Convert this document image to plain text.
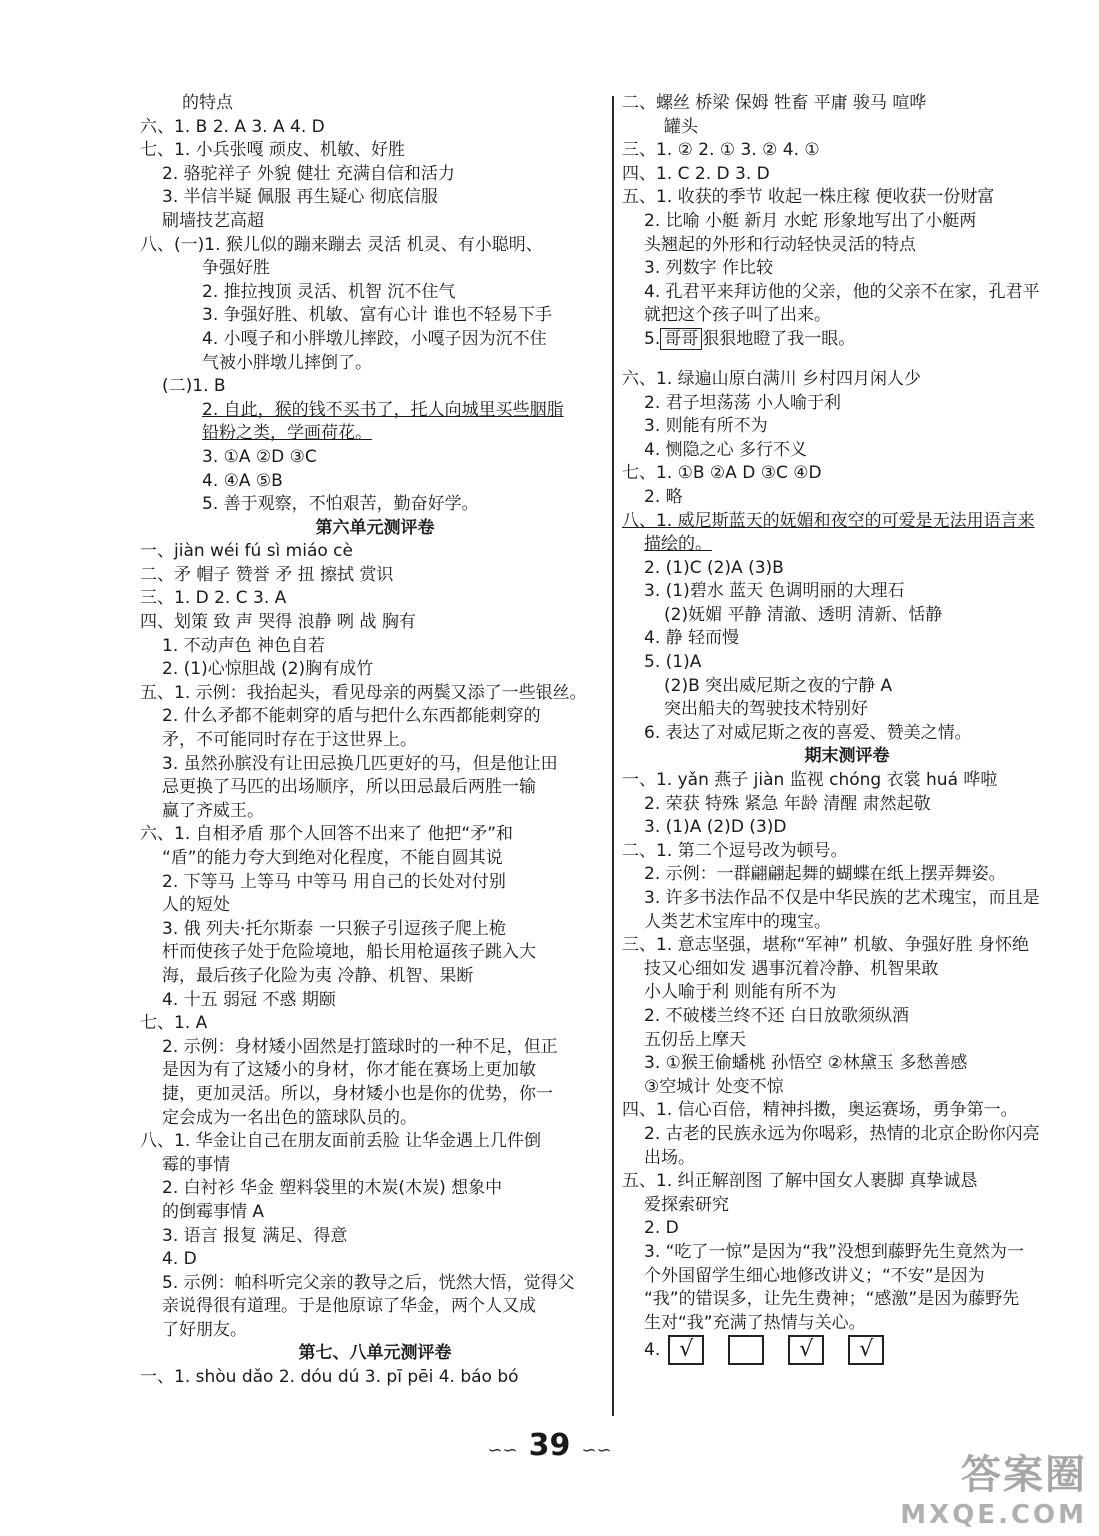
的特点
六、1. B 2. A 3. A 4. D
七、1. 小兵张嘎 顽皮、机敏、好胜
2. 骆驼祥子 外貌 健壮 充满自信和活力
3. 半信半疑 佩服 再生疑心 彻底信服
刷墙技艺高超
八、(一)1. 猴儿似的蹦来蹦去 灵活 机灵、有小聪明、
争强好胜
2. 推拉拽顶 灵活、机智 沉不住气
3. 争强好胜、机敏、富有心计 谁也不轻易下手
4. 小嘎子和小胖墩儿摔跤，小嘎子因为沉不住
气被小胖墩儿摔倒了。
(二)1. B
2. 自此，猴的钱不买书了，托人向城里买些胭脂
铅粉之类，学画荷花。
3. ①A ②D ③C
4. ④A ⑤B
5. 善于观察，不怕艰苦，勤奋好学。
第六单元测评卷
一、jiàn wéi fú sì miáo cè
二、矛 帽子 赞誉 矛 扭 擦拭 赏识
三、1. D 2. C 3. A
四、划策 致 声 哭得 浪静 咧 战 胸有
1. 不动声色 神色自若
2. (1)心惊胆战 (2)胸有成竹
五、1. 示例：我抬起头，看见母亲的两鬓又添了一些银丝。
2. 什么矛都不能刺穿的盾与把什么东西都能刺穿的
矛，不可能同时存在于这世界上。
3. 虽然孙膑没有让田忌换几匹更好的马，但是他让田
忌更换了马匹的出场顺序，所以田忌最后两胜一输
赢了齐威王。
六、1. 自相矛盾 那个人回答不出来了 他把“矛”和
“盾”的能力夸大到绝对化程度，不能自圆其说
2. 下等马 上等马 中等马 用自己的长处对付别
人的短处
3. 俄 列夫·托尔斯泰 一只猴子引逗孩子爬上桅
杆而使孩子处于危险境地，船长用枪逼孩子跳入大
海，最后孩子化险为夷 冷静、机智、果断
4. 十五 弱冠 不惑 期颐
七、1. A
2. 示例：身材矮小固然是打篮球时的一种不足，但正
是因为有了这矮小的身材，你才能在赛场上更加敏
捷，更加灵活。所以，身材矮小也是你的优势，你一
定会成为一名出色的篮球队员的。
八、1. 华金让自己在朋友面前丢脸 让华金遇上几件倒
霉的事情
2. 白衬衫 华金 塑料袋里的木炭(木炭) 想象中
的倒霉事情 A
3. 语言 报复 满足、得意
4. D
5. 示例：帕科听完父亲的教导之后，恍然大悟，觉得父
亲说得很有道理。于是他原谅了华金，两个人又成
了好朋友。
第七、八单元测评卷
一、1. shòu dǎo 2. dóu dú 3. pī pēi 4. báo bó
二、螺丝 桥梁 保姆 牲畜 平庸 骏马 喧哗
罐头
三、1. ② 2. ① 3. ② 4. ①
四、1. C 2. D 3. D
五、1. 收获的季节 收起一株庄稼 便收获一份财富
2. 比喻 小艇 新月 水蛇 形象地写出了小艇两
头翘起的外形和行动轻快灵活的特点
3. 列数字 作比较
4. 孔君平来拜访他的父亲，他的父亲不在家，孔君平
就把这个孩子叫了出来。
5. 哥哥 狠狠地瞪了我一眼。
六、1. 绿遍山原白满川 乡村四月闲人少
2. 君子坦荡荡 小人喻于利
3. 则能有所不为
4. 恻隐之心 多行不义
七、1. ①B ②A D ③C ④D
2. 略
八、1. 威尼斯蓝天的妩媚和夜空的可爱是无法用语言来
描绘的。
2. (1)C (2)A (3)B
3. (1)碧水 蓝天 色调明丽的大理石
(2)妩媚 平静 清澈、透明 清新、恬静
4. 静 轻而慢
5. (1)A
(2)B 突出威尼斯之夜的宁静 A
突出船夫的驾驶技术特别好
6. 表达了对威尼斯之夜的喜爱、赞美之情。
期末测评卷
一、1. yǎn 燕子 jiàn 监视 chóng 衣裳 huá 哗啦
2. 荣获 特殊 紧急 年龄 清醒 肃然起敬
3. (1)A (2)D (3)D
二、1. 第二个逗号改为顿号。
2. 示例：一群翩翩起舞的蝴蝶在纸上摆弄舞姿。
3. 许多书法作品不仅是中华民族的艺术瑰宝，而且是
人类艺术宝库中的瑰宝。
三、1. 意志坚强，堪称“军神” 机敏、争强好胜 身怀绝
技又心细如发 遇事沉着冷静、机智果敢
小人喻于利 则能有所不为
2. 不破楼兰终不还 白日放歌须纵酒
五仞岳上摩天
3. ①猴王偷蟠桃 孙悟空 ②林黛玉 多愁善感
③空城计 处变不惊
四、1. 信心百倍，精神抖擞，奥运赛场，勇争第一。
2. 古老的民族永远为你喝彩，热情的北京企盼你闪亮
出场。
五、1. 纠正解剖图 了解中国女人裹脚 真挚诚恳
爱探索研究
2. D
3. “吃了一惊”是因为“我”没想到藤野先生竟然为一
个外国留学生细心地修改讲义；“不安”是因为
“我”的错误多，让先生费神；“感激”是因为藤野先
生对“我”充满了热情与关心。
4. √	√	√
∽∽ 39 ∽∽
答案圈
MXQE.COM
